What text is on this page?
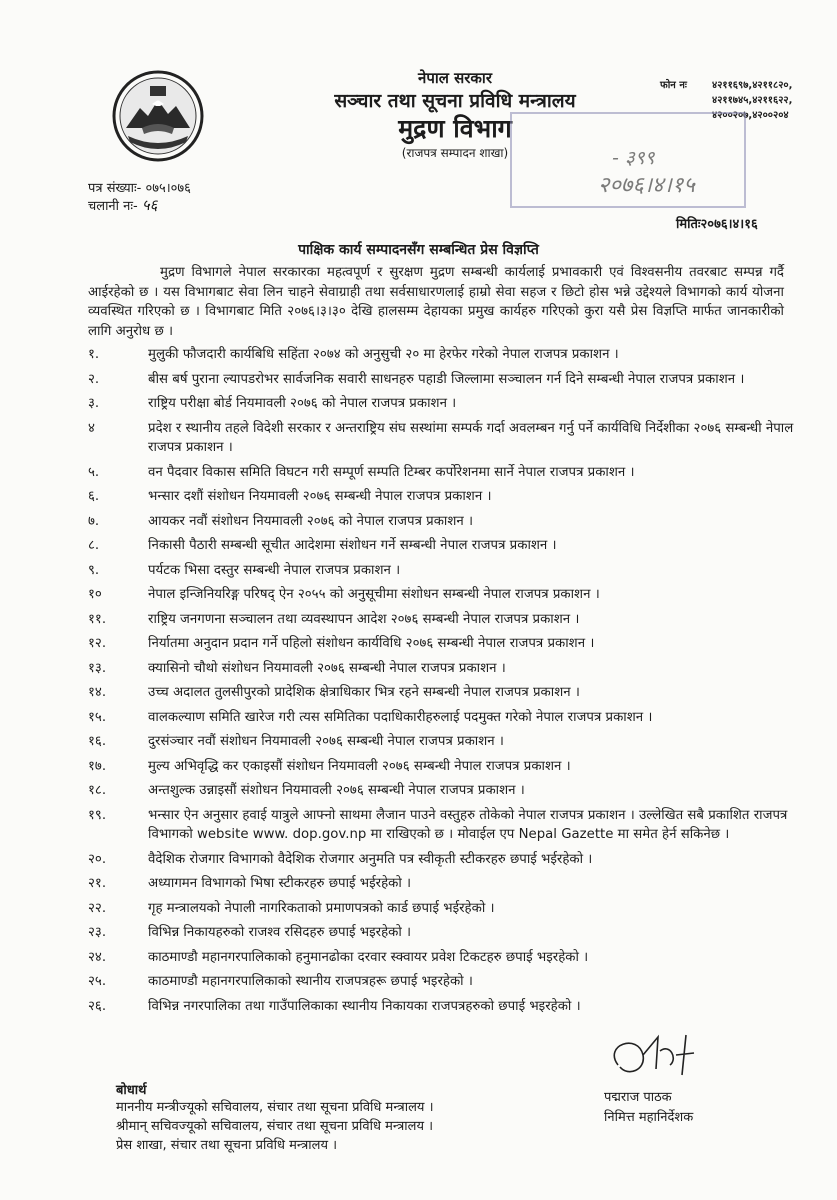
नेपाल सरकार
सञ्चार तथा सूचना प्रविधि मन्त्रालय
मुद्रण विभाग
(राजपत्र सम्पादन शाखा)
फोन नः	४२११६९७,४२११८२०,
४२११७४५,४२११६२२,
४२००२०७,४२००२०४
- ३९९
२०७६।४।१५
पत्र संख्याः- ०७५।०७६
चलानी नः- ५६
मितिः२०७६।४।१६
पाक्षिक कार्य सम्पादनसँग सम्बन्धित प्रेस विज्ञप्ति
मुद्रण विभागले नेपाल सरकारका महत्वपूर्ण र सुरक्षण मुद्रण सम्बन्धी कार्यलाई प्रभावकारी एवं विश्वसनीय तवरबाट सम्पन्न गर्दै आईरहेको छ । यस विभागबाट सेवा लिन चाहने सेवाग्राही तथा सर्वसाधारणलाई हाम्रो सेवा सहज र छिटो होस भन्ने उद्देश्यले विभागको कार्य योजना व्यवस्थित गरिएको छ । विभागबाट मिति २०७६।३।३० देखि हालसम्म देहायका प्रमुख कार्यहरु गरिएको कुरा यसै प्रेस विज्ञप्ति मार्फत जानकारीको लागि अनुरोध छ ।
१.	मुलुकी फौजदारी कार्यबिधि सहिंता २०७४ को अनुसुची २० मा हेरफेर गरेको नेपाल राजपत्र प्रकाशन ।
२.	बीस बर्ष पुराना ल्यापडरोभर सार्वजनिक सवारी साधनहरु पहाडी जिल्लामा सञ्चालन गर्न दिने सम्बन्धी नेपाल राजपत्र प्रकाशन ।
३.	राष्ट्रिय परीक्षा बोर्ड नियमावली २०७६ को नेपाल राजपत्र प्रकाशन ।
४	प्रदेश र स्थानीय तहले विदेशी सरकार र अन्तराष्ट्रिय संघ सस्थांमा सम्पर्क गर्दा अवलम्बन गर्नु पर्ने कार्यविधि निर्देशीका २०७६ सम्बन्धी नेपाल राजपत्र प्रकाशन ।
५.	वन पैदवार विकास समिति विघटन गरी सम्पूर्ण सम्पति टिम्बर कर्पोरेशनमा सार्ने नेपाल राजपत्र प्रकाशन ।
६.	भन्सार दशौं संशोधन नियमावली २०७६ सम्बन्धी नेपाल राजपत्र प्रकाशन ।
७.	आयकर नवौं संशोधन नियमावली २०७६ को नेपाल राजपत्र प्रकाशन ।
८.	निकासी पैठारी सम्बन्धी सूचीत आदेशमा संशोधन गर्ने सम्बन्धी नेपाल राजपत्र प्रकाशन ।
९.	पर्यटक भिसा दस्तुर सम्बन्धी नेपाल राजपत्र प्रकाशन ।
१०	नेपाल इन्जिनियरिङ्ग परिषद् ऐन २०५५ को अनुसूचीमा संशोधन सम्बन्धी नेपाल राजपत्र प्रकाशन ।
११.	राष्ट्रिय जनगणना सञ्चालन तथा व्यवस्थापन आदेश २०७६ सम्बन्धी नेपाल राजपत्र प्रकाशन ।
१२.	निर्यातमा अनुदान प्रदान गर्ने पहिलो संशोधन कार्यविधि २०७६ सम्बन्धी नेपाल राजपत्र प्रकाशन ।
१३.	क्यासिनो चौथो संशोधन नियमावली २०७६ सम्बन्धी नेपाल राजपत्र प्रकाशन ।
१४.	उच्च अदालत तुलसीपुरको प्रादेशिक क्षेत्राधिकार भित्र रहने सम्बन्धी नेपाल राजपत्र प्रकाशन ।
१५.	वालकल्याण समिति खारेज गरी त्यस समितिका पदाधिकारीहरुलाई पदमुक्त गरेको नेपाल राजपत्र प्रकाशन ।
१६.	दुरसंञ्चार नवौं संशोधन नियमावली २०७६ सम्बन्धी नेपाल राजपत्र प्रकाशन ।
१७.	मुल्य अभिवृद्धि कर एकाइसौं संशोधन नियमावली २०७६ सम्बन्धी नेपाल राजपत्र प्रकाशन ।
१८.	अन्तशुल्क उन्नाइसौं संशोधन नियमावली २०७६ सम्बन्धी नेपाल राजपत्र प्रकाशन ।
१९.	भन्सार ऐन अनुसार हवाई यात्रुले आफ्नो साथमा लैजान पाउने वस्तुहरु तोकेको नेपाल राजपत्र प्रकाशन । उल्लेखित सबै प्रकाशित राजपत्र विभागको website www. dop.gov.np मा राखिएको छ । मोवाईल एप Nepal Gazette मा समेत हेर्न सकिनेछ ।
२०.	वैदेशिक रोजगार विभागको वैदेशिक रोजगार अनुमति पत्र स्वीकृती स्टीकरहरु छपाई भईरहेको ।
२१.	अध्यागमन विभागको भिषा स्टीकरहरु छपाई भईरहेको ।
२२.	गृह मन्त्रालयको नेपाली नागरिकताको प्रमाणपत्रको कार्ड छपाई भईरहेको ।
२३.	विभिन्न निकायहरुको राजश्व रसिदहरु छपाई भइरहेको ।
२४.	काठमाण्डौ महानगरपालिकाको हनुमानढोका दरवार स्क्वायर प्रवेश टिकटहरु छपाई भइरहेको ।
२५.	काठमाण्डौ महानगरपालिकाको स्थानीय राजपत्रहरू छपाई भइरहेको ।
२६.	विभिन्न नगरपालिका तथा गाउँपालिकाका स्थानीय निकायका राजपत्रहरुको छपाई भइरहेको ।
बोधार्थ
माननीय मन्त्रीज्यूको सचिवालय, संचार तथा सूचना प्रविधि मन्त्रालय ।
श्रीमान् सचिवज्यूको सचिवालय, संचार तथा सूचना प्रविधि मन्त्रालय ।
प्रेस शाखा, संचार तथा सूचना प्रविधि मन्त्रालय ।
पद्मराज पाठक
निमित्त महानिर्देशक
